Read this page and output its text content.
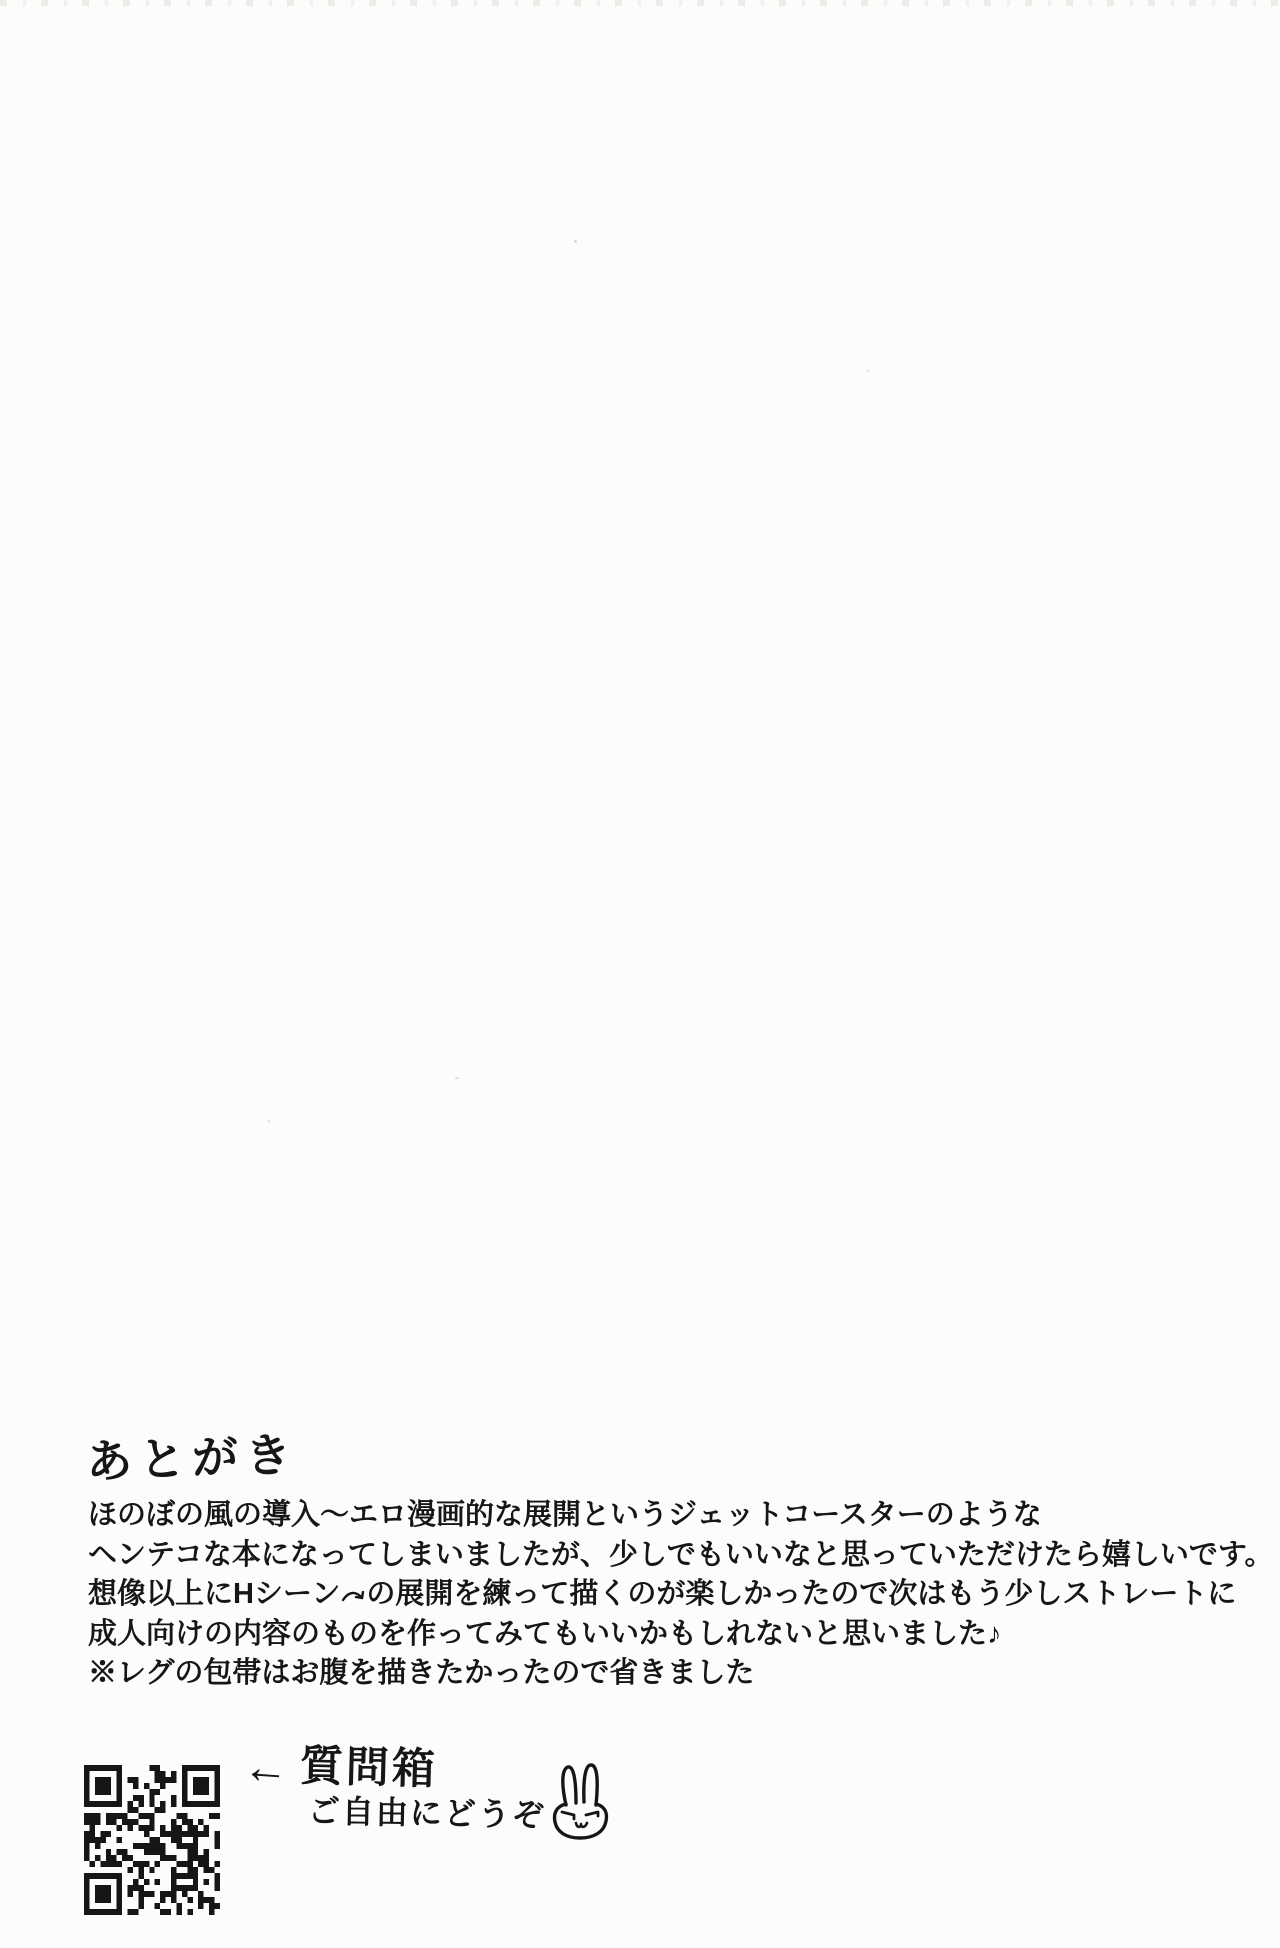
あとがき

ほのぼの風の導入〜エロ漫画的な展開というジェットコースターのような

ヘンテコな本になってしまいましたが、少しでもいいなと思っていただけたら嬉しいです。

想像以上にHシーン の展開を練って描くのが楽しかったので次はもう少しストレートに

成人向けの内容のものを作ってみてもいいかもしれないと思いました♪

※レグの包帯はお腹を描きたかったので省きました

← 質問箱

ご自由にどうぞ
